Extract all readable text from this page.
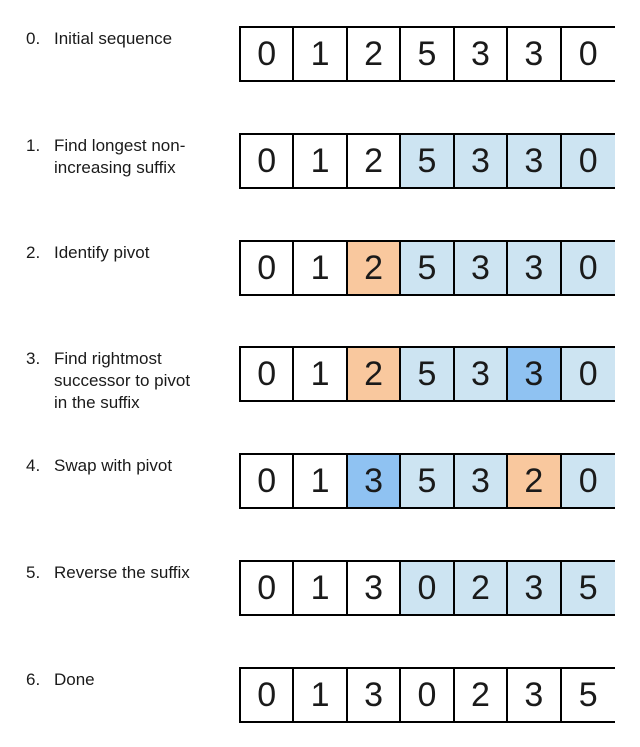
0. Initial sequence	0	1	2	5	3	3	0
1. Find longest non-
increasing suffix	0	1	2	5	3	3	0
2. Identify pivot	0	1	2	5	3	3	0
3. Find rightmost
successor to pivot
in the suffix
0	1	2	5	3	3	0
4. Swap with pivot	0	1	3	5	3	2	0
5. Reverse the suffix	0	1	3	0	2	3	5
6. Done	0	1	3	0	2	3	5
